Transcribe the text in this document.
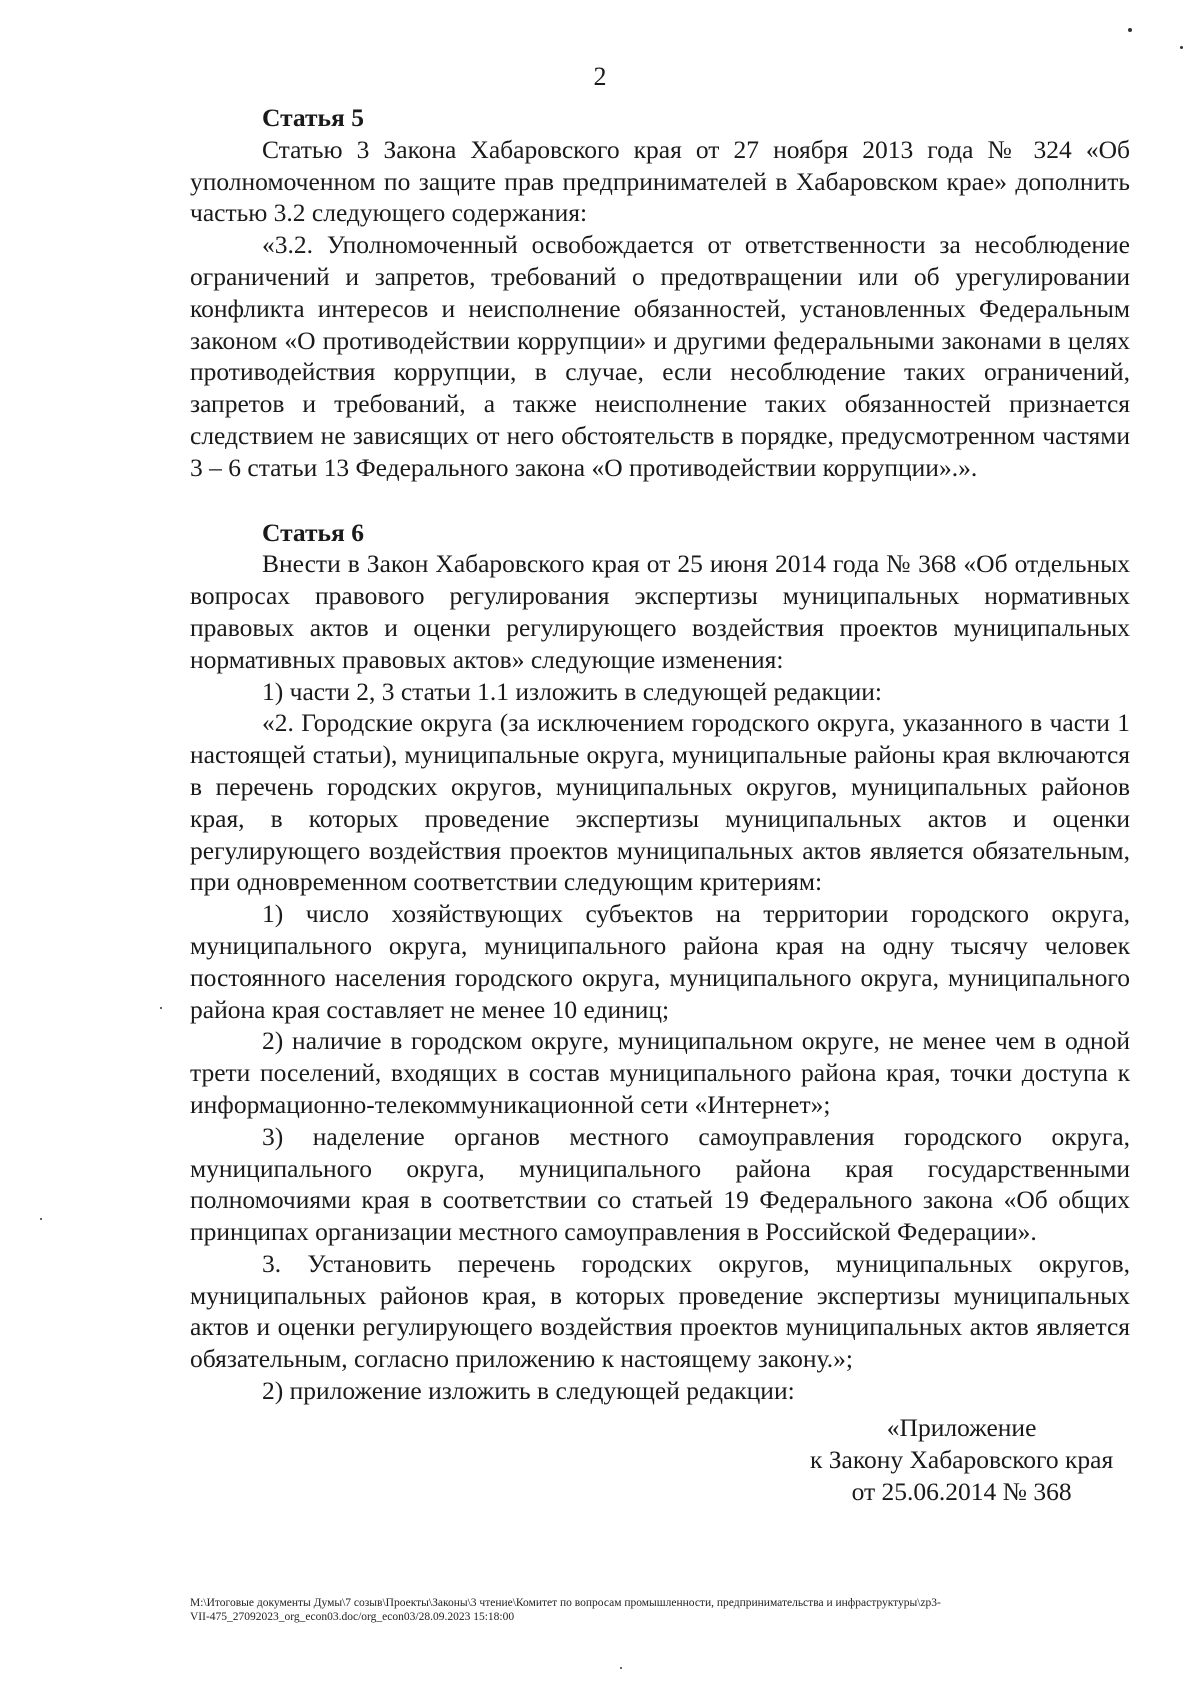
2
Статья 5

Статью 3 Закона Хабаровского края от 27 ноября 2013 года № 324 «Об уполномоченном по защите прав предпринимателей в Хабаровском крае» дополнить частью 3.2 следующего содержания:

«3.2. Уполномоченный освобождается от ответственности за несоблюдение ограничений и запретов, требований о предотвращении или об урегулировании конфликта интересов и неисполнение обязанностей, установленных Федеральным законом «О противодействии коррупции» и другими федеральными законами в целях противодействия коррупции, в случае, если несоблюдение таких ограничений, запретов и требований, а также неисполнение таких обязанностей признается следствием не зависящих от него обстоятельств в порядке, предусмотренном частями 3 – 6 статьи 13 Федерального закона «О противодействии коррупции».».

Статья 6

Внести в Закон Хабаровского края от 25 июня 2014 года № 368 «Об отдельных вопросах правового регулирования экспертизы муниципальных нормативных правовых актов и оценки регулирующего воздействия проектов муниципальных нормативных правовых актов» следующие изменения:

1) части 2, 3 статьи 1.1 изложить в следующей редакции:

«2. Городские округа (за исключением городского округа, указанного в части 1 настоящей статьи), муниципальные округа, муниципальные районы края включаются в перечень городских округов, муниципальных округов, муниципальных районов края, в которых проведение экспертизы муниципальных актов и оценки регулирующего воздействия проектов муниципальных актов является обязательным, при одновременном соответствии следующим критериям:

1) число хозяйствующих субъектов на территории городского округа, муниципального округа, муниципального района края на одну тысячу человек постоянного населения городского округа, муниципального округа, муниципального района края составляет не менее 10 единиц;

2) наличие в городском округе, муниципальном округе, не менее чем в одной трети поселений, входящих в состав муниципального района края, точки доступа к информационно-телекоммуникационной сети «Интернет»;

3) наделение органов местного самоуправления городского округа, муниципального округа, муниципального района края государственными полномочиями края в соответствии со статьей 19 Федерального закона «Об общих принципах организации местного самоуправления в Российской Федерации».

3. Установить перечень городских округов, муниципальных округов, муниципальных районов края, в которых проведение экспертизы муниципальных актов и оценки регулирующего воздействия проектов муниципальных актов является обязательным, согласно приложению к настоящему закону.»;

2) приложение изложить в следующей редакции:

«Приложение
к Закону Хабаровского края
от 25.06.2014 № 368
M:\Итоговые документы Думы\7 созыв\Проекты\Законы\3 чтение\Комитет по вопросам промышленности, предпринимательства и инфраструктуры\zp3-
VII-475_27092023_org_econ03.doc/org_econ03/28.09.2023 15:18:00
